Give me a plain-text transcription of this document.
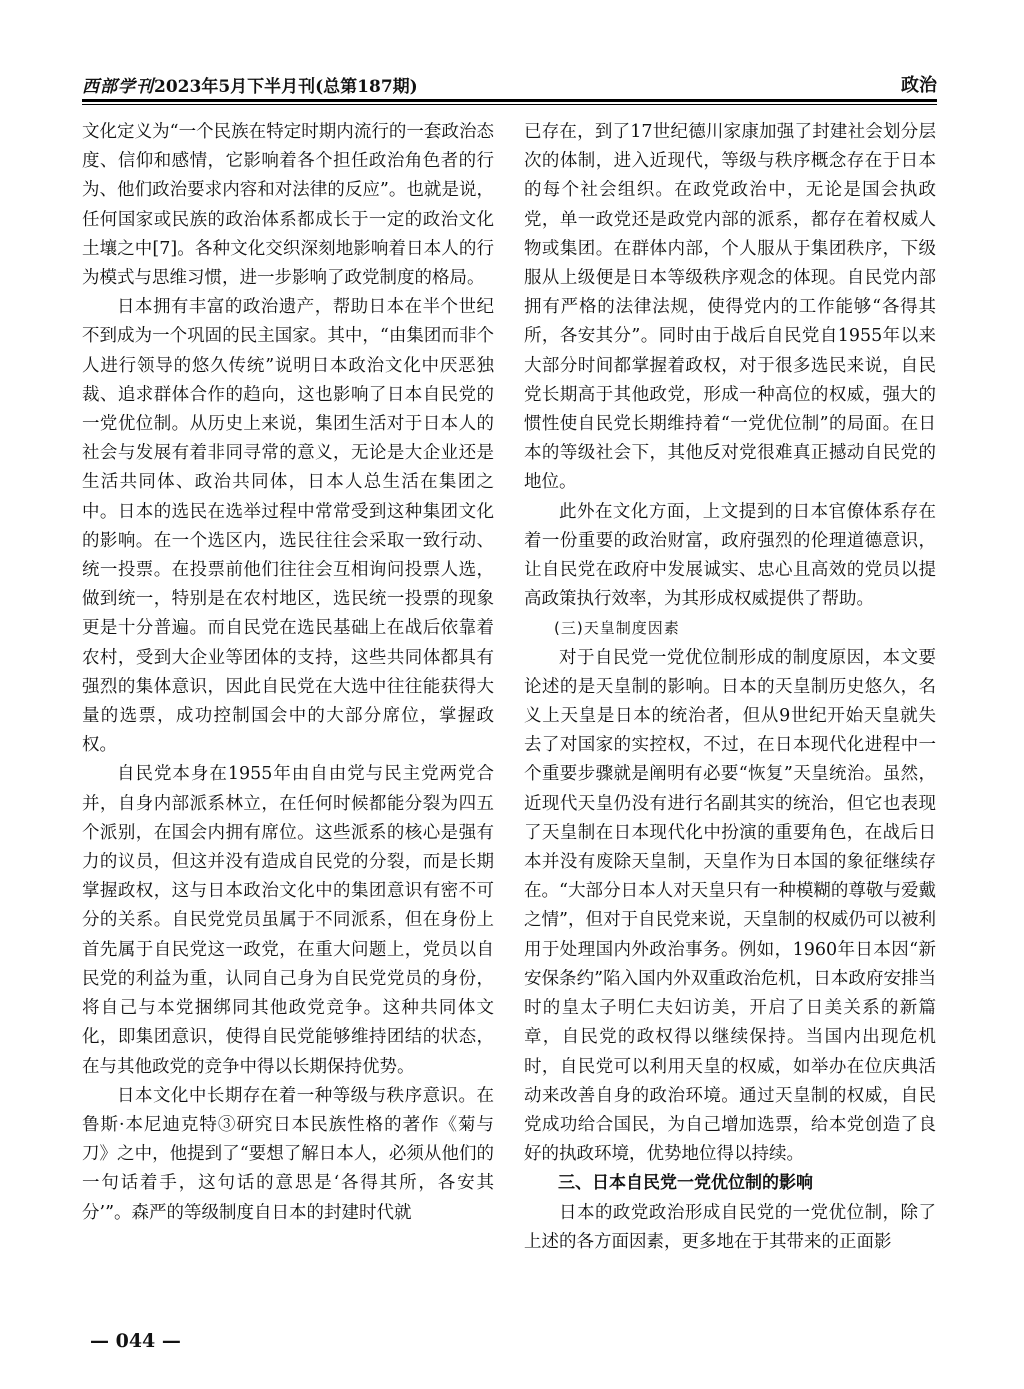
西部学刊2023年5月下半月刊(总第187期)	政治

文化定义为“一个民族在特定时期内流行的一套政治态度、信仰和感情，它影响着各个担任政治角色者的行为、他们政治要求内容和对法律的反应”。也就是说，任何国家或民族的政治体系都成长于一定的政治文化土壤之中[7]。各种文化交织深刻地影响着日本人的行为模式与思维习惯，进一步影响了政党制度的格局。

日本拥有丰富的政治遗产，帮助日本在半个世纪不到成为一个巩固的民主国家。其中，“由集团而非个人进行领导的悠久传统”说明日本政治文化中厌恶独裁、追求群体合作的趋向，这也影响了日本自民党的一党优位制。从历史上来说，集团生活对于日本人的社会与发展有着非同寻常的意义，无论是大企业还是生活共同体、政治共同体，日本人总生活在集团之中。日本的选民在选举过程中常常受到这种集团文化的影响。在一个选区内，选民往往会采取一致行动、统一投票。在投票前他们往往会互相询问投票人选，做到统一，特别是在农村地区，选民统一投票的现象更是十分普遍。而自民党在选民基础上在战后依靠着农村，受到大企业等团体的支持，这些共同体都具有强烈的集体意识，因此自民党在大选中往往能获得大量的选票，成功控制国会中的大部分席位，掌握政权。

自民党本身在1955年由自由党与民主党两党合并，自身内部派系林立，在任何时候都能分裂为四五个派别，在国会内拥有席位。这些派系的核心是强有力的议员，但这并没有造成自民党的分裂，而是长期掌握政权，这与日本政治文化中的集团意识有密不可分的关系。自民党党员虽属于不同派系，但在身份上首先属于自民党这一政党，在重大问题上，党员以自民党的利益为重，认同自己身为自民党党员的身份，将自己与本党捆绑同其他政党竞争。这种共同体文化，即集团意识，使得自民党能够维持团结的状态，在与其他政党的竞争中得以长期保持优势。

日本文化中长期存在着一种等级与秩序意识。在鲁斯·本尼迪克特③研究日本民族性格的著作《菊与刀》之中，他提到了“要想了解日本人，必须从他们的一句话着手，这句话的意思是‘各得其所，各安其分’”。森严的等级制度自日本的封建时代就

已存在，到了17世纪德川家康加强了封建社会划分层次的体制，进入近现代，等级与秩序概念存在于日本的每个社会组织。在政党政治中，无论是国会执政党，单一政党还是政党内部的派系，都存在着权威人物或集团。在群体内部，个人服从于集团秩序，下级服从上级便是日本等级秩序观念的体现。自民党内部拥有严格的法律法规，使得党内的工作能够“各得其所，各安其分”。同时由于战后自民党自1955年以来大部分时间都掌握着政权，对于很多选民来说，自民党长期高于其他政党，形成一种高位的权威，强大的惯性使自民党长期维持着“一党优位制”的局面。在日本的等级社会下，其他反对党很难真正撼动自民党的地位。

此外在文化方面，上文提到的日本官僚体系存在着一份重要的政治财富，政府强烈的伦理道德意识，让自民党在政府中发展诚实、忠心且高效的党员以提高政策执行效率，为其形成权威提供了帮助。

(三)天皇制度因素

对于自民党一党优位制形成的制度原因，本文要论述的是天皇制的影响。日本的天皇制历史悠久，名义上天皇是日本的统治者，但从9世纪开始天皇就失去了对国家的实控权，不过，在日本现代化进程中一个重要步骤就是阐明有必要“恢复”天皇统治。虽然，近现代天皇仍没有进行名副其实的统治，但它也表现了天皇制在日本现代化中扮演的重要角色，在战后日本并没有废除天皇制，天皇作为日本国的象征继续存在。“大部分日本人对天皇只有一种模糊的尊敬与爱戴之情”，但对于自民党来说，天皇制的权威仍可以被利用于处理国内外政治事务。例如，1960年日本因“新安保条约”陷入国内外双重政治危机，日本政府安排当时的皇太子明仁夫妇访美，开启了日美关系的新篇章，自民党的政权得以继续保持。当国内出现危机时，自民党可以利用天皇的权威，如举办在位庆典活动来改善自身的政治环境。通过天皇制的权威，自民党成功给合国民，为自己增加选票，给本党创造了良好的执政环境，优势地位得以持续。

三、日本自民党一党优位制的影响

日本的政党政治形成自民党的一党优位制，除了上述的各方面因素，更多地在于其带来的正面影

— 044 —
